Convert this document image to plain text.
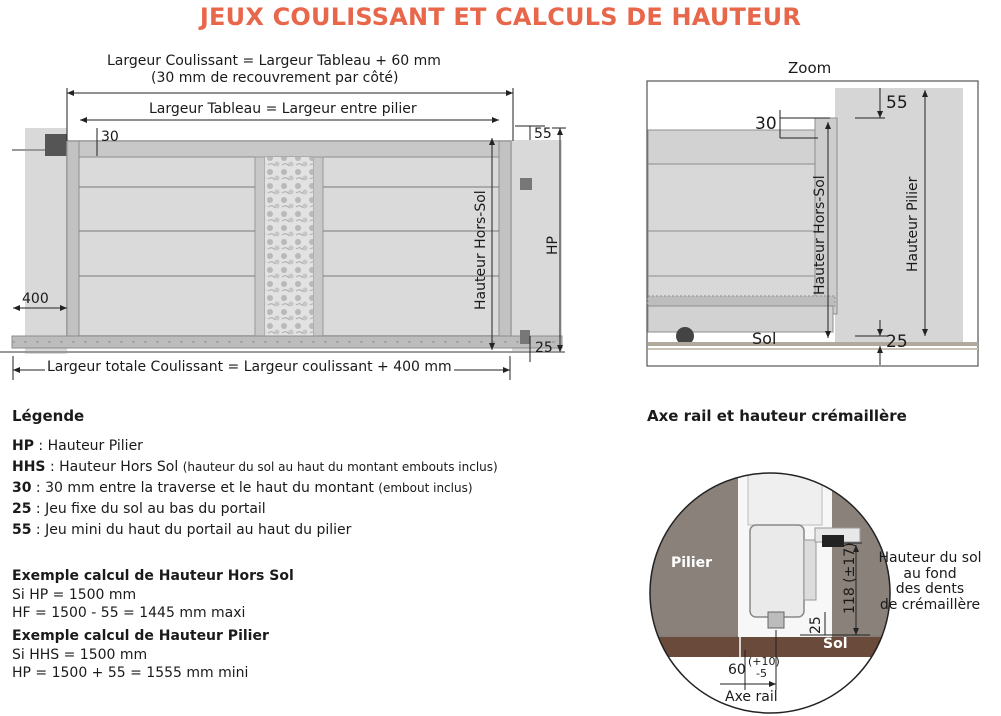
JEUX COULISSANT ET CALCULS DE HAUTEUR
Largeur Coulissant = Largeur Tableau + 60 mm
(30 mm de recouvrement par côté)
Largeur Tableau = Largeur entre pilier
30	55
400
25
HP
Hauteur Hors-Sol
Largeur totale Coulissant = Largeur coulissant + 400 mm
Zoom
55
30
25
Sol
Hauteur Hors-Sol	Hauteur Pilier
Légende
HP : Hauteur Pilier
HHS : Hauteur Hors Sol (hauteur du sol au haut du montant embouts inclus)
30 : 30 mm entre la traverse et le haut du montant (embout inclus)
25 : Jeu fixe du sol au bas du portail
55 : Jeu mini du haut du portail au haut du pilier
Exemple calcul de Hauteur Hors Sol
Si HP = 1500 mm
HF = 1500 - 55 = 1445 mm maxi
Exemple calcul de Hauteur Pilier
Si HHS = 1500 mm
HP = 1500 + 55 = 1555 mm mini
Axe rail et hauteur crémaillère
Pilier	118 (±17)
25
Sol
60
(+10)
-5
Axe rail
Hauteur du sol
au fond
des dents
de crémaillère
